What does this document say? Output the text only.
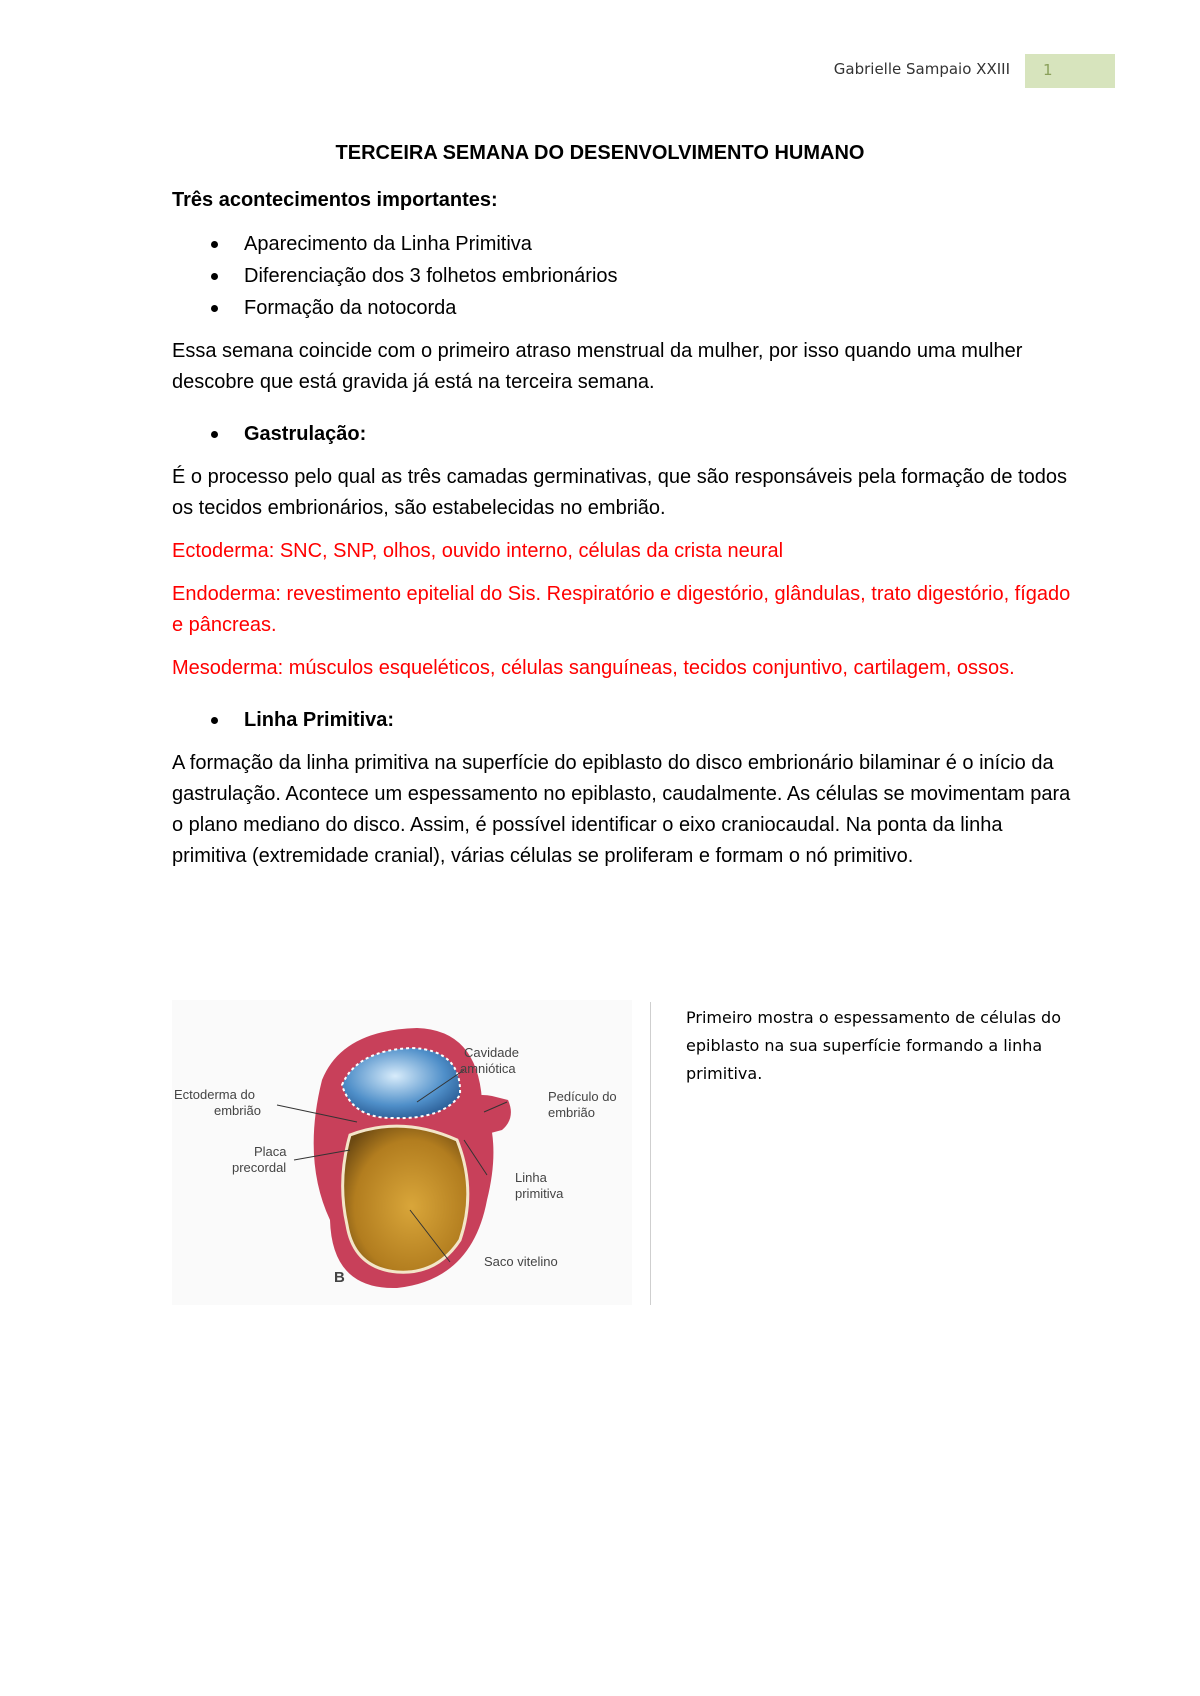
Gabrielle Sampaio XXIII 1
TERCEIRA SEMANA DO DESENVOLVIMENTO HUMANO
Três acontecimentos importantes:
Aparecimento da Linha Primitiva
Diferenciação dos 3 folhetos embrionários
Formação da notocorda

Essa semana coincide com o primeiro atraso menstrual da mulher, por isso quando uma mulher descobre que está gravida já está na terceira semana.

Gastrulação:

É o processo pelo qual as três camadas germinativas, que são responsáveis pela formação de todos os tecidos embrionários, são estabelecidas no embrião.

Ectoderma: SNC, SNP, olhos, ouvido interno, células da crista neural

Endoderma: revestimento epitelial do Sis. Respiratório e digestório, glândulas, trato digestório, fígado e pâncreas.

Mesoderma: músculos esqueléticos, células sanguíneas, tecidos conjuntivo, cartilagem, ossos.

Linha Primitiva:

A formação da linha primitiva na superfície do epiblasto do disco embrionário bilaminar é o início da gastrulação. Acontece um espessamento no epiblasto, caudalmente. As células se movimentam para o plano mediano do disco. Assim, é possível identificar o eixo craniocaudal. Na ponta da linha primitiva (extremidade cranial), várias células se proliferam e formam o nó primitivo.

Cavidade
amniótica
Ectoderma do
embrião
Pedículo do
embrião
Placa
precordal
Linha
primitiva
Saco vitelino
B
Primeiro mostra o espessamento de células do epiblasto na sua superfície formando a linha primitiva.
